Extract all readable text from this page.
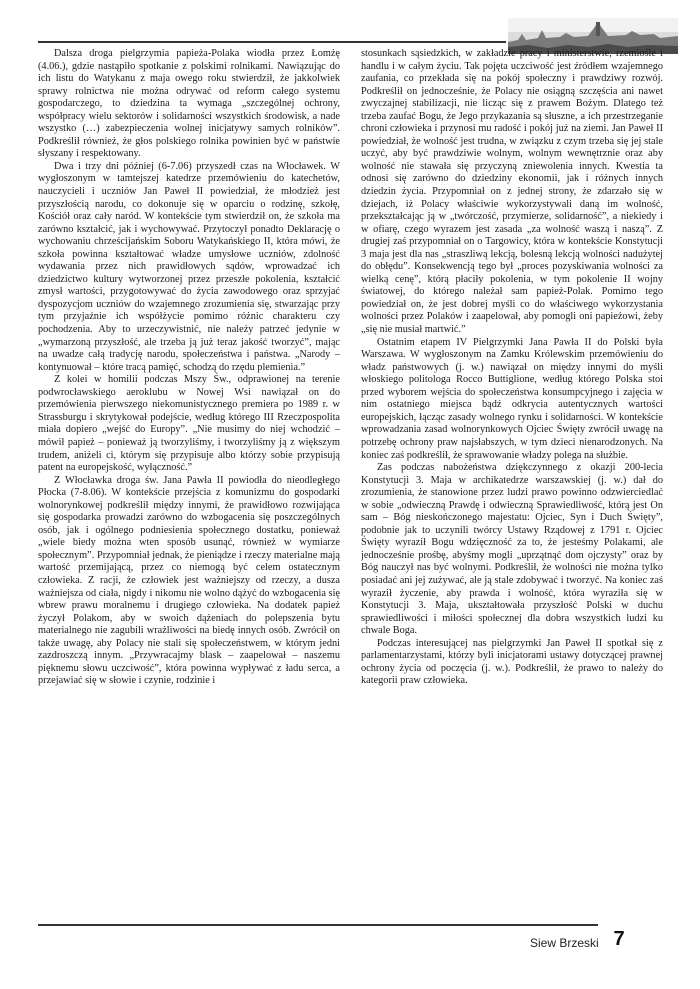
Dalsza droga pielgrzymia papieża-Polaka wiodła przez Łomżę (4.06.), gdzie nastąpiło spotkanie z polskimi rolnikami. Nawiązując do ich listu do Watykanu z maja owego roku stwierdził, że jakkolwiek sprawy rolnictwa nie można odrywać od reform całego systemu gospodarczego, to dziedzina ta wymaga „szczególnej ochrony, współpracy wielu sektorów i solidarności wszystkich środowisk, a nade wszystko (…) zabezpieczenia wolnej inicjatywy samych rolników”. Podkreślił również, że głos polskiego rolnika powinien być w państwie słyszany i respektowany.

Dwa i trzy dni później (6-7.06) przyszedł czas na Włocławek. W wygłoszonym w tamtejszej katedrze przemówieniu do katechetów, nauczycieli i uczniów Jan Paweł II powiedział, że młodzież jest przyszłością narodu, co dokonuje się w oparciu o rodzinę, szkołę, Kościół oraz cały naród. W kontekście tym stwierdził on, że szkoła ma zarówno kształcić, jak i wychowywać. Przytoczył ponadto Deklarację o wychowaniu chrześcijańskim Soboru Watykańskiego II, która mówi, że szkoła powinna kształtować władze umysłowe uczniów, zdolność wydawania przez nich prawidłowych sądów, wprowadzać ich dziedzictwo kultury wytworzonej przez przeszłe pokolenia, kształcić zmysł wartości, przygotowywać do życia zawodowego oraz sprzyjać dyspozycjom uczniów do wzajemnego zrozumienia się, stwarzając przy tym przyjaźnie ich współżycie pomimo różnic charakteru czy pochodzenia. Aby to urzeczywistnić, nie należy patrzeć jedynie w „wymarzoną przyszłość, ale trzeba ją już teraz jakość tworzyć”, mając na uwadze całą tradycję narodu, społeczeństwa i państwa. „Narody – kontynuował – które tracą pamięć, schodzą do rzędu plemienia.”

Z kolei w homilii podczas Mszy Św., odprawionej na terenie podwrocławskiego aeroklubu w Nowej Wsi nawiązał on do przemówienia pierwszego niekomunistycznego premiera po 1989 r. w Strassburgu i skrytykował podejście, według którego III Rzeczpospolita miała dopiero „wejść do Europy”. „Nie musimy do niej wchodzić – mówił papież – ponieważ ją tworzyliśmy, i tworzyliśmy ją z większym trudem, aniżeli ci, którym się przypisuje albo którzy sobie przypisują patent na europejskość, wyłączność.”

Z Włocławka droga św. Jana Pawła II powiodła do nieodległego Płocka (7-8.06). W kontekście przejścia z komunizmu do gospodarki wolnorynkowej podkreślił między innymi, że prawidłowo rozwijająca się gospodarka prowadzi zarówno do wzbogacenia się poszczególnych osób, jak i ogólnego podniesienia społecznego dostatku, ponieważ „wiele biedy można wten sposób usunąć, również w wymiarze społecznym”. Przypomniał jednak, że pieniądze i rzeczy materialne mają wartość przemijającą, przez co niemogą być celem ostatecznym człowieka. Z racji, że człowiek jest ważniejszy od rzeczy, a dusza ważniejsza od ciała, nigdy i nikomu nie wolno dążyć do wzbogacenia się wbrew prawu moralnemu i drugiego człowieka. Na dodatek papież życzył Polakom, aby w swoich dążeniach do polepszenia bytu materialnego nie zagubili wrażliwości na biedę innych osób. Zwrócił on także uwagę, aby Polacy nie stali się społeczeństwem, w którym jedni zazdroszczą innym. „Przywracajmy blask – zaapelował – naszemu pięknemu słowu uczciwość”, która powinna wypływać z ładu serca, a przejawiać się w słowie i czynie, rodzinie i

stosunkach sąsiedzkich, w zakładzie pracy i ministerstwie, rzemiośle i handlu i w całym życiu. Tak pojęta uczciwość jest źródłem wzajemnego zaufania, co przekłada się na pokój społeczny i prawdziwy rozwój. Podkreślił on jednocześnie, że Polacy nie osiągną szczęścia ani nawet zwyczajnej stabilizacji, nie licząc się z prawem Bożym. Dlatego też trzeba zaufać Bogu, że Jego przykazania są słuszne, a ich przestrzeganie chroni człowieka i przynosi mu radość i pokój już na ziemi. Jan Paweł II powiedział, że wolność jest trudna, w związku z czym trzeba się jej stale uczyć, aby być prawdziwie wolnym, wolnym wewnętrznie oraz aby wolność nie stawała się przyczyną zniewolenia innych. Kwestia ta odnosi się zarówno do dziedziny ekonomii, jak i różnych innych dziedzin życia. Przypomniał on z jednej strony, że zdarzało się w dziejach, iż Polacy właściwie wykorzystywali daną im wolność, przekształcając ją w „twórczość, przymierze, solidarność”, a niekiedy i w ofiarę, czego wyrazem jest zasada „za wolność waszą i naszą”. Z drugiej zaś przypomniał on o Targowicy, która w kontekście Konstytucji 3 maja jest dla nas „straszliwą lekcją, bolesną lekcją wolności nadużytej do obłędu”. Konsekwencją tego był „proces pozyskiwania wolności za wielką cenę”, którą płaciły pokolenia, w tym pokolenie II wojny światowej, do którego należał sam papież-Polak. Pomimo tego powiedział on, że jest dobrej myśli co do właściwego wykorzystania wolności przez Polaków i zaapelował, aby pomogli oni papieżowi, żeby „się nie musiał martwić.”

Ostatnim etapem IV Pielgrzymki Jana Pawła II do Polski była Warszawa. W wygłoszonym na Zamku Królewskim przemówieniu do władz państwowych (j. w.) nawiązał on między innymi do myśli włoskiego politologa Rocco Buttiglione, według którego Polska stoi przed wyborem wejścia do społeczeństwa konsumpcyjnego i zajęcia w nim ostatniego miejsca bądź odkrycia autentycznych wartości europejskich, łącząc zasady wolnego rynku i solidarności. W kontekście wprowadzania zasad wolnorynkowych Ojciec Święty zwrócił uwagę na potrzebę ochrony praw najsłabszych, w tym dzieci nienarodzonych. Na koniec zaś podkreślił, że sprawowanie władzy polega na służbie.

Zas podczas nabożeństwa dziękczynnego z okazji 200-lecia Konstytucji 3. Maja w archikatedrze warszawskiej (j. w.) dał do zrozumienia, że stanowione przez ludzi prawo powinno odzwierciedlać w sobie „odwieczną Prawdę i odwieczną Sprawiedliwość, którą jest On sam – Bóg nieskończonego majestatu: Ojciec, Syn i Duch Święty”, podobnie jak to uczynili twórcy Ustawy Rządowej z 1791 r. Ojciec Święty wyraził Bogu wdzięczność za to, że jesteśmy Polakami, ale jednocześnie prośbę, abyśmy mogli „uprzątnąć dom ojczysty” oraz by Bóg nauczył nas być wolnymi. Podkreślił, że wolności nie można tylko posiadać ani jej zużywać, ale ją stale zdobywać i tworzyć. Na koniec zaś wyraził życzenie, aby prawda i wolność, która wyraziła się w Konstytucji 3. Maja, ukształtowała przyszłość Polski w duchu sprawiedliwości i miłości społecznej dla dobra wszystkich ludzi ku chwale Boga.

Podczas interesującej nas pielgrzymki Jan Paweł II spotkał się z parlamentarzystami, którzy byli inicjatorami ustawy dotyczącej prawnej ochrony życia od poczęcia (j. w.). Podkreślił, że prawo to należy do kategorii praw człowieka.

Siew Brzeski 7
